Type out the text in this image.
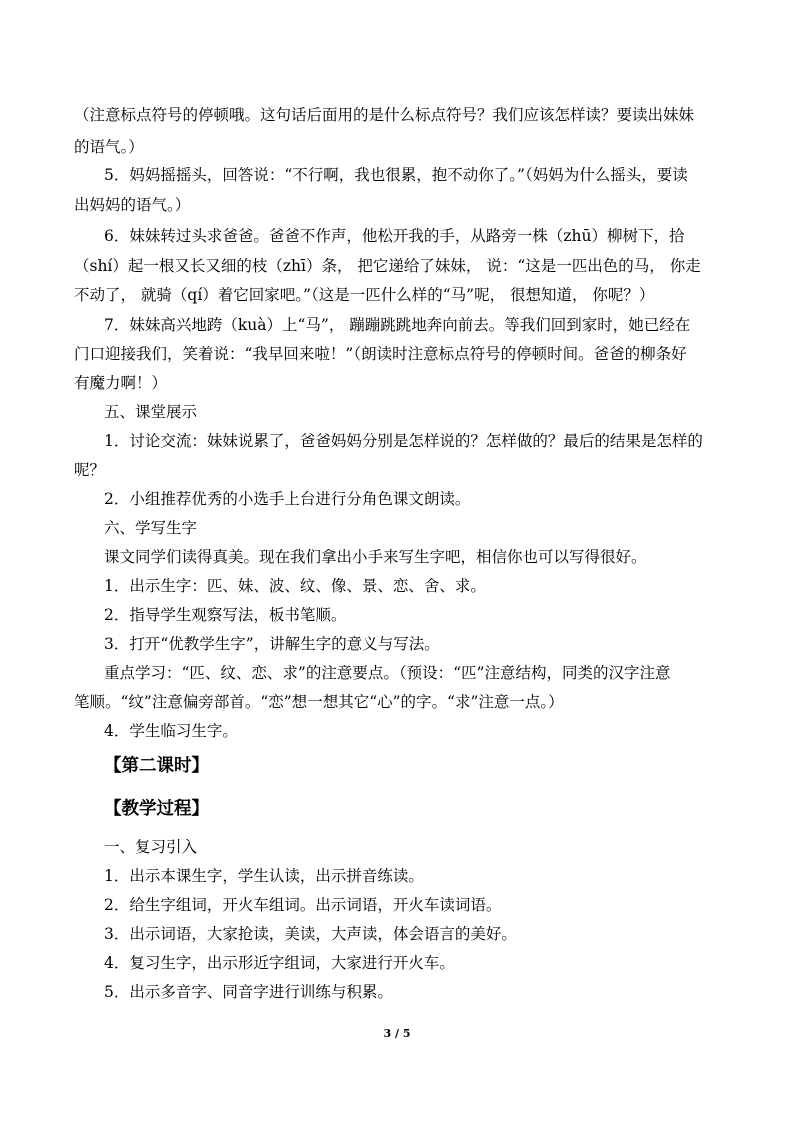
（注意标点符号的停顿哦。这句话后面用的是什么标点符号？我们应该怎样读？要读出妹妹
的语气。）
5．妈妈摇摇头，回答说：“不行啊，我也很累，抱不动你了。”（妈妈为什么摇头，要读
出妈妈的语气。）
6．妹妹转过头求爸爸。爸爸不作声，他松开我的手，从路旁一株（zhū）柳树下，拾
（shí）起一根又长又细的枝（zhī）条， 把它递给了妹妹， 说：“这是一匹出色的马， 你走
不动了， 就骑（qí）着它回家吧。”（这是一匹什么样的“马”呢， 很想知道， 你呢？）
7．妹妹高兴地跨（kuà）上“马”， 蹦蹦跳跳地奔向前去。等我们回到家时，她已经在
门口迎接我们，笑着说：“我早回来啦！”（朗读时注意标点符号的停顿时间。爸爸的柳条好
有魔力啊！）
五、课堂展示
1．讨论交流：妹妹说累了，爸爸妈妈分别是怎样说的？怎样做的？最后的结果是怎样的
呢？
2．小组推荐优秀的小选手上台进行分角色课文朗读。
六、学写生字
课文同学们读得真美。现在我们拿出小手来写生字吧，相信你也可以写得很好。
1．出示生字：匹、妹、波、纹、像、景、恋、舍、求。
2．指导学生观察写法，板书笔顺。
3．打开“优教学生字”，讲解生字的意义与写法。
重点学习：“匹、纹、恋、求”的注意要点。（预设：“匹”注意结构，同类的汉字注意
笔顺。“纹”注意偏旁部首。“恋”想一想其它“心”的字。“求”注意一点。）
4．学生临习生字。
【第二课时】
【教学过程】
一、复习引入
1．出示本课生字，学生认读，出示拼音练读。
2．给生字组词，开火车组词。出示词语，开火车读词语。
3．出示词语，大家抢读，美读，大声读，体会语言的美好。
4．复习生字，出示形近字组词，大家进行开火车。
5．出示多音字、同音字进行训练与积累。
3 / 5
